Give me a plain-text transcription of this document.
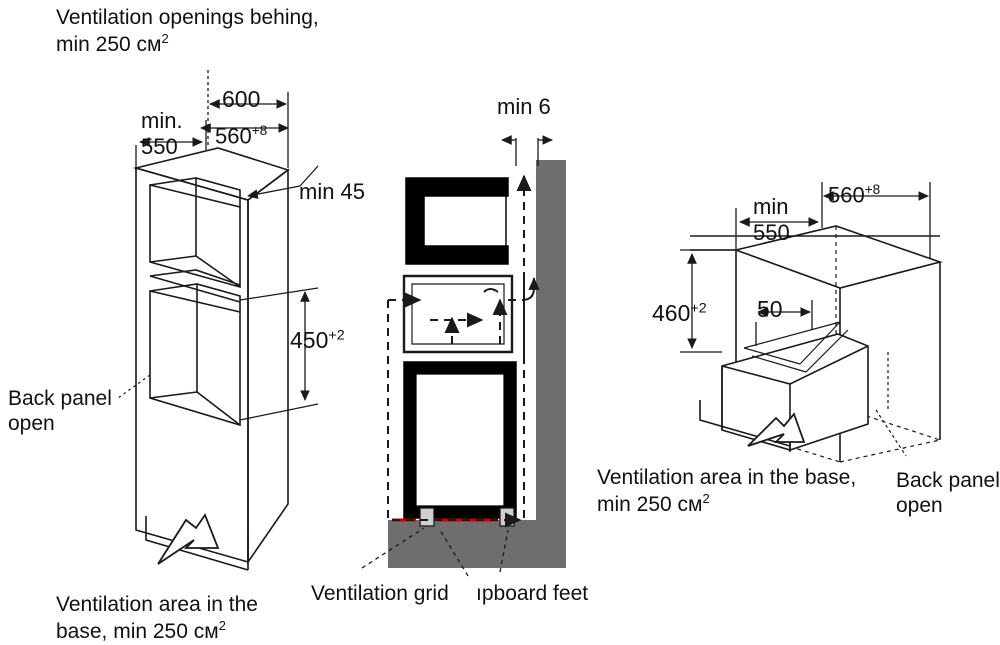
Ventilation openings behing,
min 250 $см^2$
min.
550
600
$560^{+8}$
min 45
$450^{+2}$
Back panel
open
Ventilation area in the
base, min 250 $см^2$
min 6
Ventilation grid ıpboard feet
min
550
$560^{+8}$
$460^{+2}$ 50
Ventilation area in the base,
min 250 $см^2$
Back panel
open
